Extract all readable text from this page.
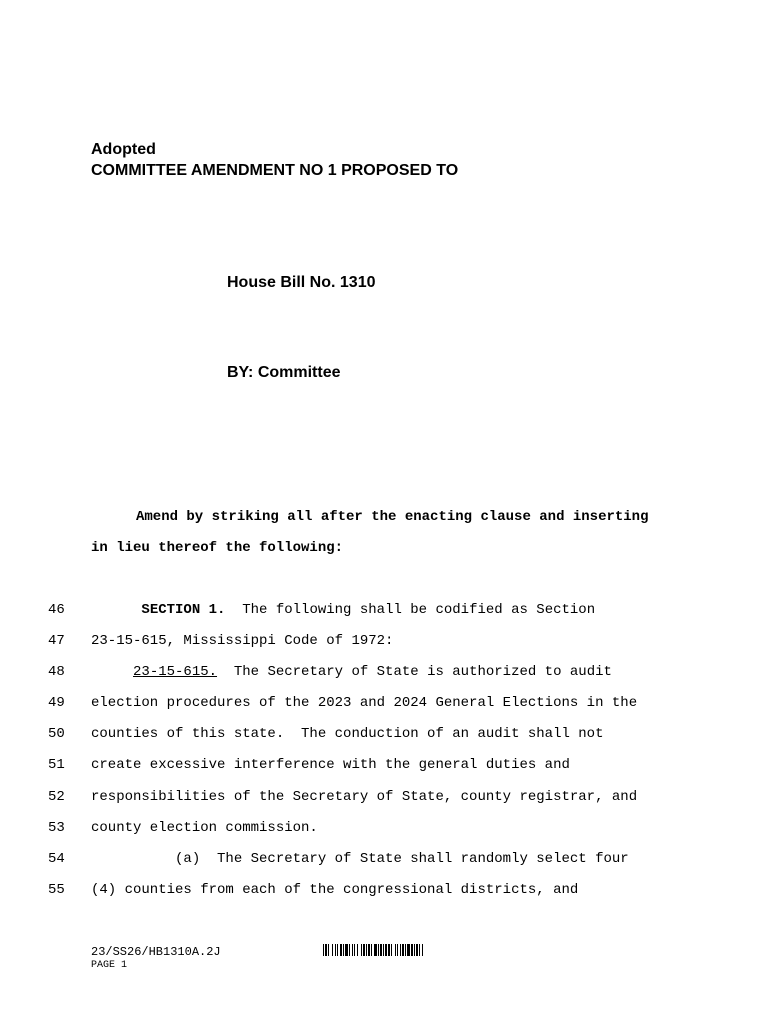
Adopted
COMMITTEE AMENDMENT NO 1 PROPOSED TO
House Bill No. 1310
BY: Committee
Amend by striking all after the enacting clause and inserting
in lieu thereof the following:
46	SECTION 1.  The following shall be codified as Section
47	23-15-615, Mississippi Code of 1972:
48	23-15-615.  The Secretary of State is authorized to audit
49	election procedures of the 2023 and 2024 General Elections in the
50	counties of this state.  The conduction of an audit shall not
51	create excessive interference with the general duties and
52	responsibilities of the Secretary of State, county registrar, and
53	county election commission.
54	(a)  The Secretary of State shall randomly select four
55	(4) counties from each of the congressional districts, and
23/SS26/HB1310A.2J
PAGE 1
